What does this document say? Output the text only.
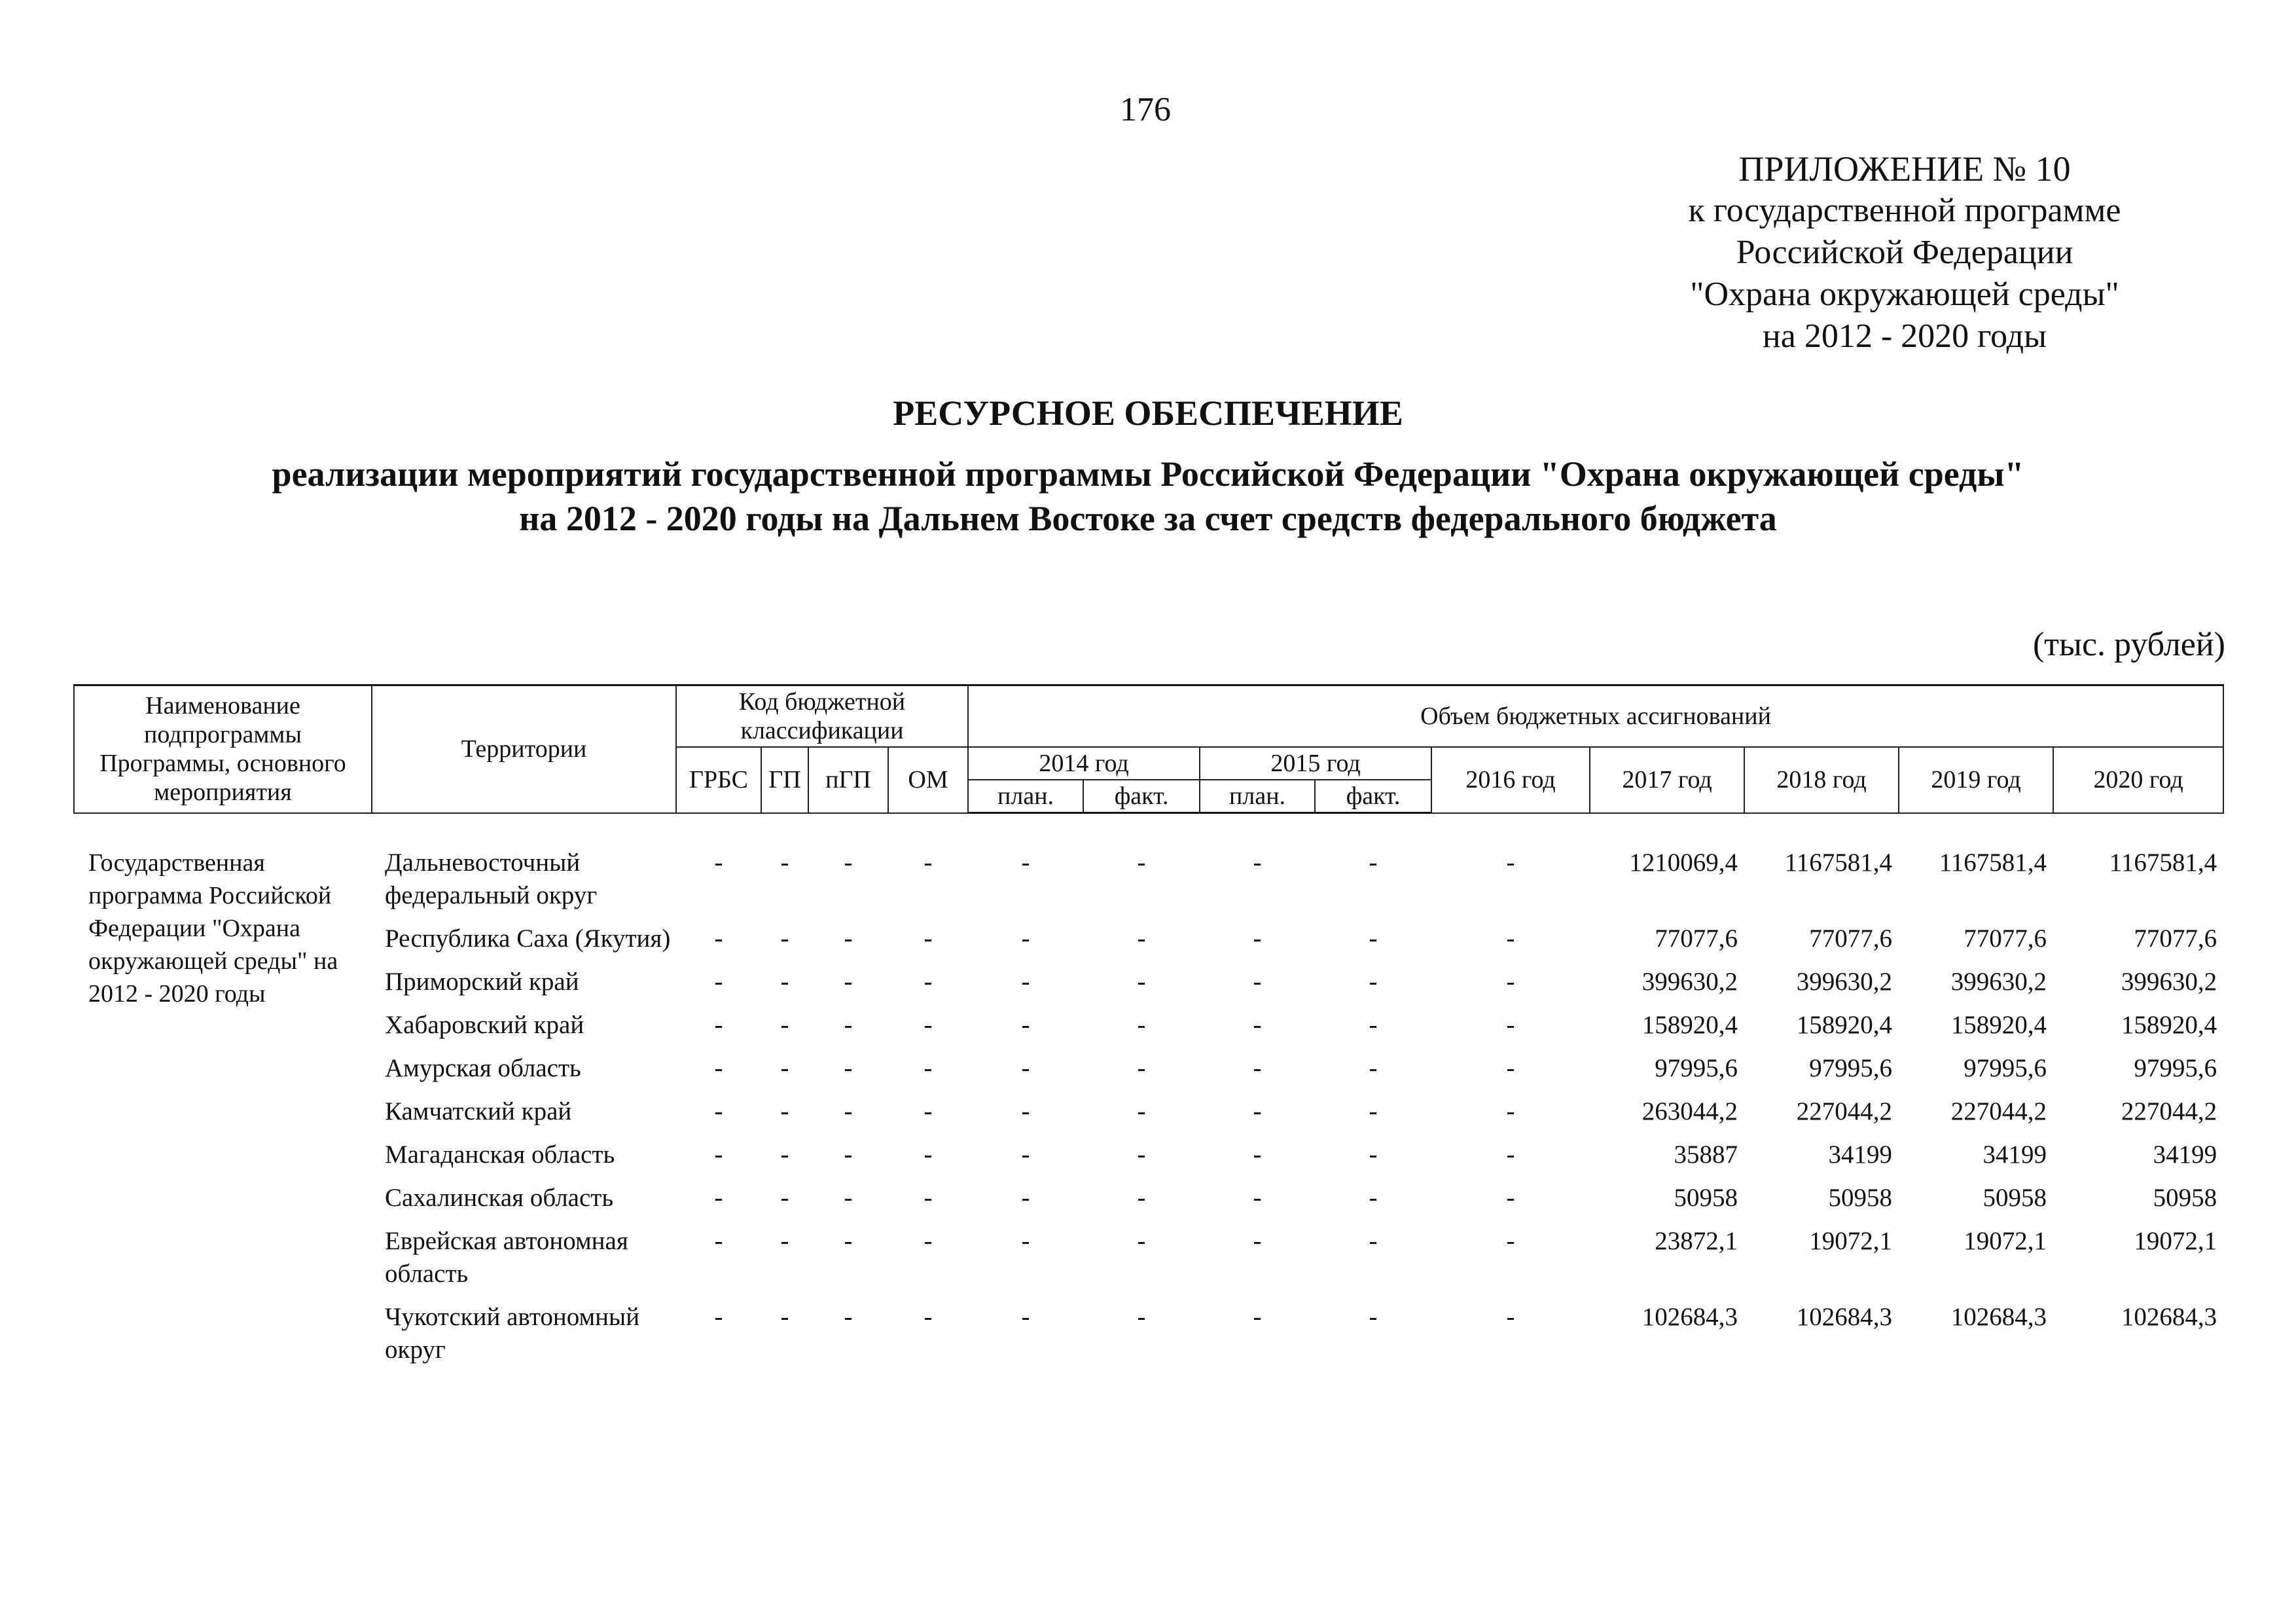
176
ПРИЛОЖЕНИЕ № 10
к государственной программе
Российской Федерации
"Охрана окружающей среды"
на 2012 - 2020 годы
РЕСУРСНОЕ ОБЕСПЕЧЕНИЕ
реализации мероприятий государственной программы Российской Федерации "Охрана окружающей среды"
на 2012 - 2020 годы на Дальнем Востоке за счет средств федерального бюджета
(тыс. рублей)
Наименование подпрограммы Программы, основного мероприятия	Территории	Код бюджетной классификации				Объем бюджетных ассигнований								
		ГРБС	ГП	пГП	ОМ	2014 год		2015 год		2016 год	2017 год	2018 год	2019 год	2020 год
						план.	факт.	план.	факт.					

Государственная программа Российской Федерации "Охрана окружающей среды" на 2012 - 2020 годы	Дальневосточный федеральный округ	-	-	-	-	-	-	-	-	-	1210069,4	1167581,4	1167581,4	1167581,4
	Республика Саха (Якутия)	-	-	-	-	-	-	-	-	-	77077,6	77077,6	77077,6	77077,6
	Приморский край	-	-	-	-	-	-	-	-	-	399630,2	399630,2	399630,2	399630,2
	Хабаровский край	-	-	-	-	-	-	-	-	-	158920,4	158920,4	158920,4	158920,4
	Амурская область	-	-	-	-	-	-	-	-	-	97995,6	97995,6	97995,6	97995,6
	Камчатский край	-	-	-	-	-	-	-	-	-	263044,2	227044,2	227044,2	227044,2
	Магаданская область	-	-	-	-	-	-	-	-	-	35887	34199	34199	34199
	Сахалинская область	-	-	-	-	-	-	-	-	-	50958	50958	50958	50958
	Еврейская автономная область	-	-	-	-	-	-	-	-	-	23872,1	19072,1	19072,1	19072,1
	Чукотский автономный округ	-	-	-	-	-	-	-	-	-	102684,3	102684,3	102684,3	102684,3
